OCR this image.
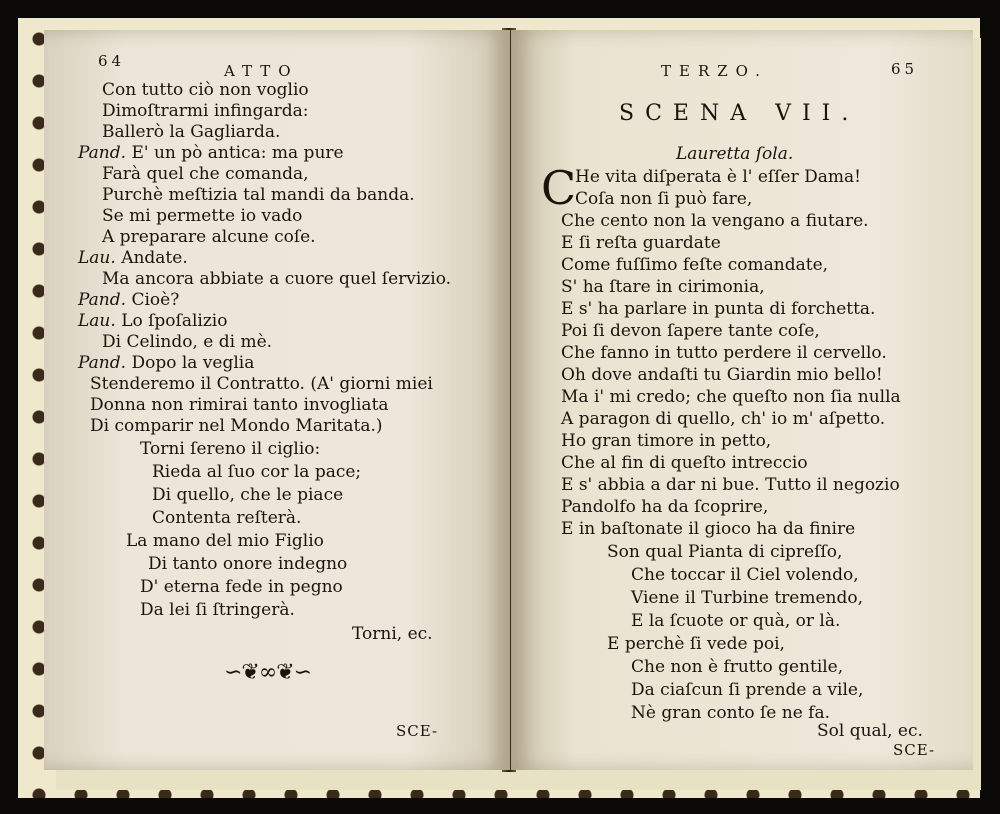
64
ATTO
Con tutto ciò non voglio
Dimoſtrarmi infingarda:
Ballerò la Gagliarda.
Pand. E' un pò antica: ma pure
Farà quel che comanda,
Purchè meſtizia tal mandi da banda.
Se mi permette io vado
A preparare alcune coſe.
Lau. Andate.
Ma ancora abbiate a cuore quel ſervizio.
Pand. Cioè?
Lau. Lo ſpoſalizio
Di Celindo, e di mè.
Pand. Dopo la veglia
Stenderemo il Contratto. (A' giorni miei
Donna non rimirai tanto invogliata
Di comparir nel Mondo Maritata.)
Torni ſereno il ciglio:
Rieda al ſuo cor la pace;
Di quello, che le piace
Contenta reſterà.
La mano del mio Figlio
Di tanto onore indegno
D' eterna fede in pegno
Da lei ſi ſtringerà.
Torni, ec.
∽❦∞❦∽
SCE-
TERZO.	65
SCENA VII.
Lauretta ſola.
C
He vita diſperata è l' eſſer Dama!
Coſa non ſi può fare,
Che cento non la vengano a fiutare.
E ſi reſta guardate
Come fuſſimo feſte comandate,
S' ha ſtare in cirimonia,
E s' ha parlare in punta di forchetta.
Poi ſi devon ſapere tante coſe,
Che fanno in tutto perdere il cervello.
Oh dove andaſti tu Giardin mio bello!
Ma i' mi credo; che queſto non ſia nulla
A paragon di quello, ch' io m' aſpetto.
Ho gran timore in petto,
Che al fin di queſto intreccio
E s' abbia a dar ni bue. Tutto il negozio
Pandolfo ha da ſcoprire,
E in baſtonate il gioco ha da finire
Son qual Pianta di cipreſſo,
Che toccar il Ciel volendo,
Viene il Turbine tremendo,
E la ſcuote or quà, or là.
E perchè ſi vede poi,
Che non è frutto gentile,
Da ciaſcun ſi prende a vile,
Nè gran conto ſe ne fa.
Sol qual, ec.
SCE-
